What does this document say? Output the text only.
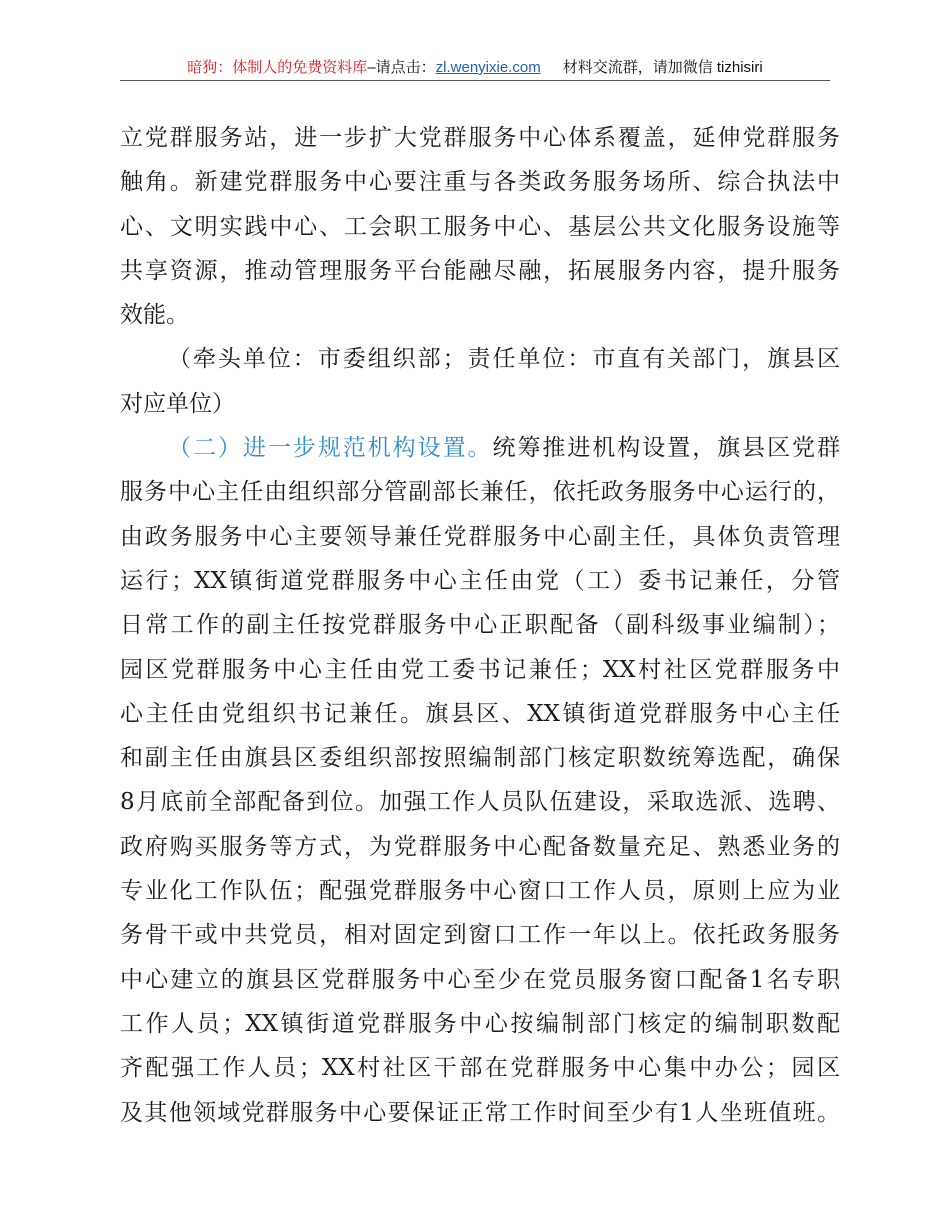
暗狗：体制人的免费资料库–请点击：zl.wenyixie.com 材料交流群，请加微信 tizhisiri
立党群服务站，进一步扩大党群服务中心体系覆盖，延伸党群服务
触角。新建党群服务中心要注重与各类政务服务场所、综合执法中
心、文明实践中心、工会职工服务中心、基层公共文化服务设施等
共享资源，推动管理服务平台能融尽融，拓展服务内容，提升服务
效能。
（牵头单位：市委组织部；责任单位：市直有关部门，旗县区
对应单位）
（二）进一步规范机构设置。统筹推进机构设置，旗县区党群
服务中心主任由组织部分管副部长兼任，依托政务服务中心运行的，
由政务服务中心主要领导兼任党群服务中心副主任，具体负责管理
运行；XX镇街道党群服务中心主任由党（工）委书记兼任，分管
日常工作的副主任按党群服务中心正职配备（副科级事业编制）；
园区党群服务中心主任由党工委书记兼任；XX村社区党群服务中
心主任由党组织书记兼任。旗县区、XX镇街道党群服务中心主任
和副主任由旗县区委组织部按照编制部门核定职数统筹选配，确保
8月底前全部配备到位。加强工作人员队伍建设，采取选派、选聘、
政府购买服务等方式，为党群服务中心配备数量充足、熟悉业务的
专业化工作队伍；配强党群服务中心窗口工作人员，原则上应为业
务骨干或中共党员，相对固定到窗口工作一年以上。依托政务服务
中心建立的旗县区党群服务中心至少在党员服务窗口配备1名专职
工作人员；XX镇街道党群服务中心按编制部门核定的编制职数配
齐配强工作人员；XX村社区干部在党群服务中心集中办公；园区
及其他领域党群服务中心要保证正常工作时间至少有1人坐班值班。
